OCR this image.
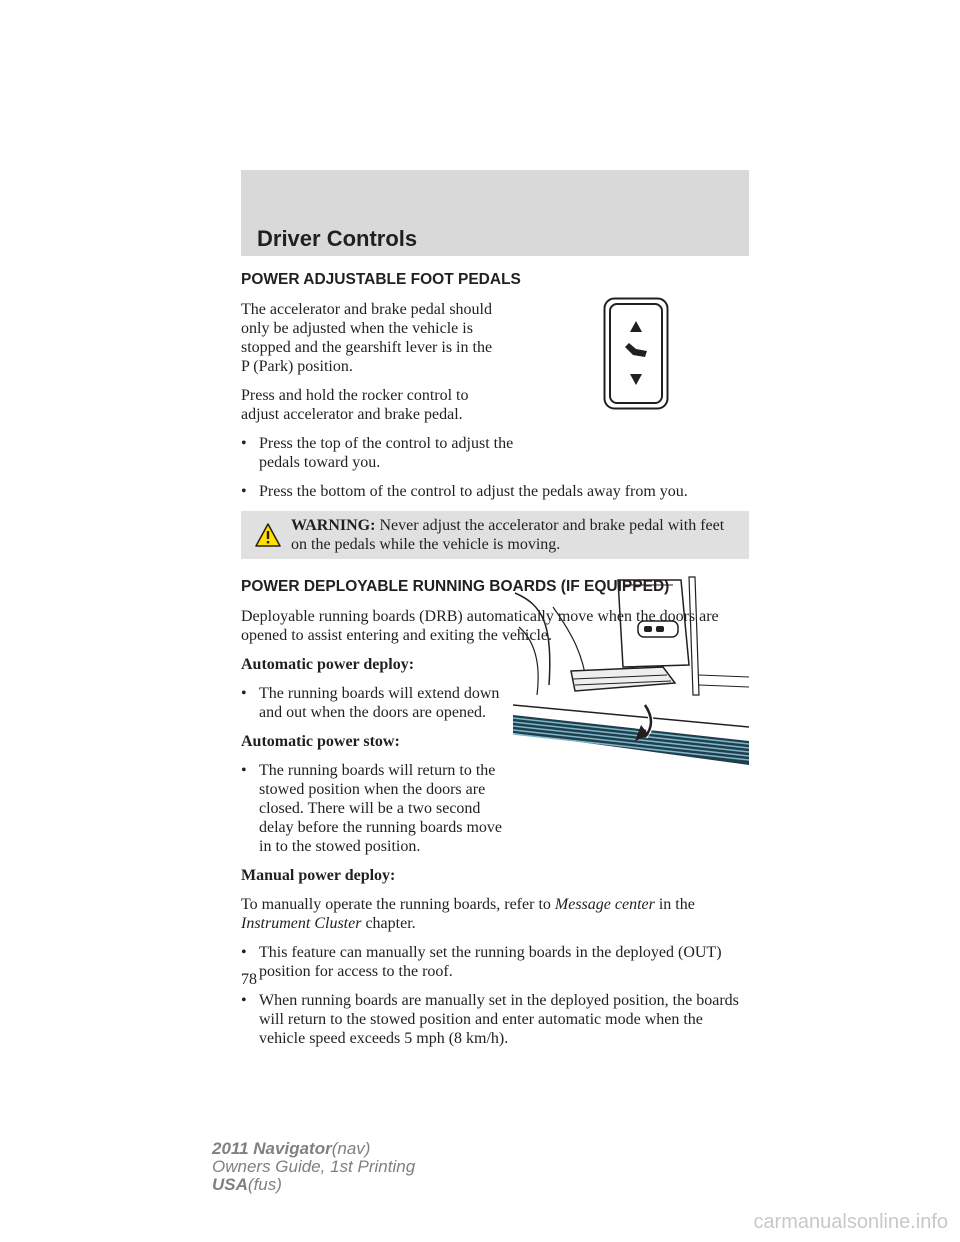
Driver Controls
POWER ADJUSTABLE FOOT PEDALS

The accelerator and brake pedal should only be adjusted when the vehicle is stopped and the gearshift lever is in the P (Park) position.

Press and hold the rocker control to adjust accelerator and brake pedal.

• Press the top of the control to adjust the pedals toward you.
• Press the bottom of the control to adjust the pedals away from you.
WARNING: Never adjust the accelerator and brake pedal with feet on the pedals while the vehicle is moving.
POWER DEPLOYABLE RUNNING BOARDS (IF EQUIPPED)

Deployable running boards (DRB) automatically move when the doors are opened to assist entering and exiting the vehicle.

Automatic power deploy:
• The running boards will extend down and out when the doors are opened.
Automatic power stow:
• The running boards will return to the stowed position when the doors are closed. There will be a two second delay before the running boards move in to the stowed position.
Manual power deploy:

To manually operate the running boards, refer to Message center in the Instrument Cluster chapter.

• This feature can manually set the running boards in the deployed (OUT) position for access to the roof.
• When running boards are manually set in the deployed position, the boards will return to the stowed position and enter automatic mode when the vehicle speed exceeds 5 mph (8 km/h).
78
2011 Navigator(nav)
Owners Guide, 1st Printing
USA(fus)
carmanualsonline.info
